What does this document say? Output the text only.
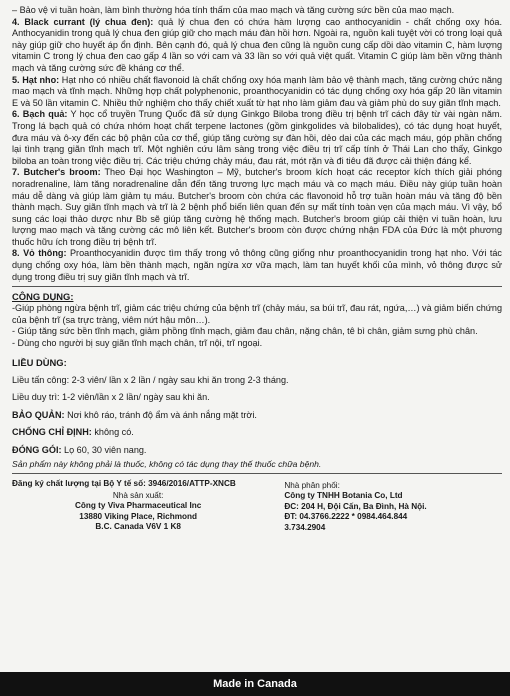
– Bảo vệ vi tuần hoàn, làm bình thường hóa tính thấm của mao mạch và tăng cường sức bền của mao mạch.
4. Black currant (lý chua đen): quả lý chua đen có chứa hàm lượng cao anthocyanidin - chất chống oxy hóa. Anthocyanidin trong quả lý chua đen giúp giữ cho mạch máu đàn hồi hơn. Ngoài ra, nguồn kali tuyệt vời có trong loại quả này giúp giữ cho huyết áp ổn định. Bên cạnh đó, quả lý chua đen cũng là nguồn cung cấp dồi dào vitamin C, hàm lượng vitamin C trong lý chua đen cao gấp 4 lần so với cam và 33 lần so với quả việt quất. Vitamin C giúp làm bền vững thành mạch và tăng cường sức đề kháng cơ thể.
5. Hạt nho: Hạt nho có nhiều chất flavonoid là chất chống oxy hóa mạnh làm bảo vệ thành mạch, tăng cường chức năng mao mạch và tĩnh mạch. Những hợp chất polyphenonic, proanthocyanidin có tác dụng chống oxy hóa gấp 20 lần vitamin E và 50 lần vitamin C. Nhiều thử nghiệm cho thấy chiết xuất từ hạt nho làm giảm đau và giảm phù do suy giãn tĩnh mạch.
6. Bạch quả: Y học cổ truyền Trung Quốc đã sử dụng Ginkgo Biloba trong điều trị bệnh trĩ cách đây từ vài ngàn năm. Trong lá bạch quả có chứa nhóm hoạt chất terpene lactones (gồm ginkgolides và bilobalides), có tác dụng hoạt huyết, đưa máu và ô-xy đến các bộ phận của cơ thể, giúp tăng cường sự đàn hồi, dẻo dai của các mạch máu, góp phần chống lại tình trạng giãn tĩnh mạch trĩ. Một nghiên cứu lâm sàng trong việc điều trị trĩ cấp tính ở Thái Lan cho thấy, Ginkgo biloba an toàn trong việc điều trị. Các triệu chứng chảy máu, đau rát, mót rặn và đi tiêu đã được cải thiện đáng kể.
7. Butcher's broom: Theo Đại học Washington – Mỹ, butcher's broom kích hoạt các receptor kích thích giải phóng noradrenaline, làm tăng noradrenaline dẫn đến tăng trương lực mạch máu và co mạch máu. Điều này giúp tuần hoàn máu dễ dàng và giúp làm giảm tụ máu. Butcher's broom còn chứa các flavonoid hỗ trợ tuần hoàn máu và tăng độ bền thành mạch. Suy giãn tĩnh mạch và trĩ là 2 bệnh phổ biến liên quan đến sự mất tính toàn vẹn của mạch máu. Vì vậy, bổ sung các loại thảo dược như Bb sẽ giúp tăng cường hệ thống mạch. Butcher's broom giúp cải thiện vi tuần hoàn, lưu lượng mao mạch và tăng cường các mô liên kết. Butcher's broom còn được chứng nhận FDA của Đức là một phương thuốc hữu ích trong điều trị bệnh trĩ.
8. Vỏ thông: Proanthocyanidin được tìm thấy trong vỏ thông cũng giống như proanthocyanidin trong hạt nho. Với tác dụng chống oxy hóa, làm bền thành mạch, ngăn ngừa xơ vữa mạch, làm tan huyết khối của mình, vỏ thông được sử dụng trong điều trị suy giãn tĩnh mạch và trĩ.
CÔNG DỤNG:
-Giúp phòng ngừa bệnh trĩ, giảm các triệu chứng của bệnh trĩ (chảy máu, sa búi trĩ, đau rát, ngứa,…) và giảm biến chứng của bệnh trĩ (sa trực tràng, viêm nứt hậu môn…).
- Giúp tăng sức bền tĩnh mạch, giảm phồng tĩnh mạch, giảm đau chân, nặng chân, tê bì chân, giảm sưng phù chân.
- Dùng cho người bị suy giãn tĩnh mạch chân, trĩ nội, trĩ ngoại.
LIỀU DÙNG:
Liều tấn công: 2-3 viên/ lần x 2 lần / ngày sau khi ăn trong 2-3 tháng.
Liều duy trì: 1-2 viên/lần x 2 lần/ ngày sau khi ăn.
BẢO QUẢN: Nơi khô ráo, tránh độ ẩm và ánh nắng mặt trời.
CHỐNG CHỈ ĐỊNH: không có.
ĐÓNG GÓI: Lọ 60, 30 viên nang.
Sản phẩm này không phải là thuốc, không có tác dụng thay thế thuốc chữa bệnh.
Đăng ký chất lượng tại Bộ Y tế số: 3946/2016/ATTP-XNCB
Nhà sản xuất:
Công ty Viva Pharmaceutical Inc
13880 Viking Place, Richmond
B.C. Canada V6V 1 K8
Nhà phân phối:
Công ty TNHH Botania Co, Ltd
ĐC: 204 H, Đội Cấn, Ba Đình, Hà Nội.
ĐT: 04.3766.2222 * 0984.464.844
3.734.2904
Made in Canada
